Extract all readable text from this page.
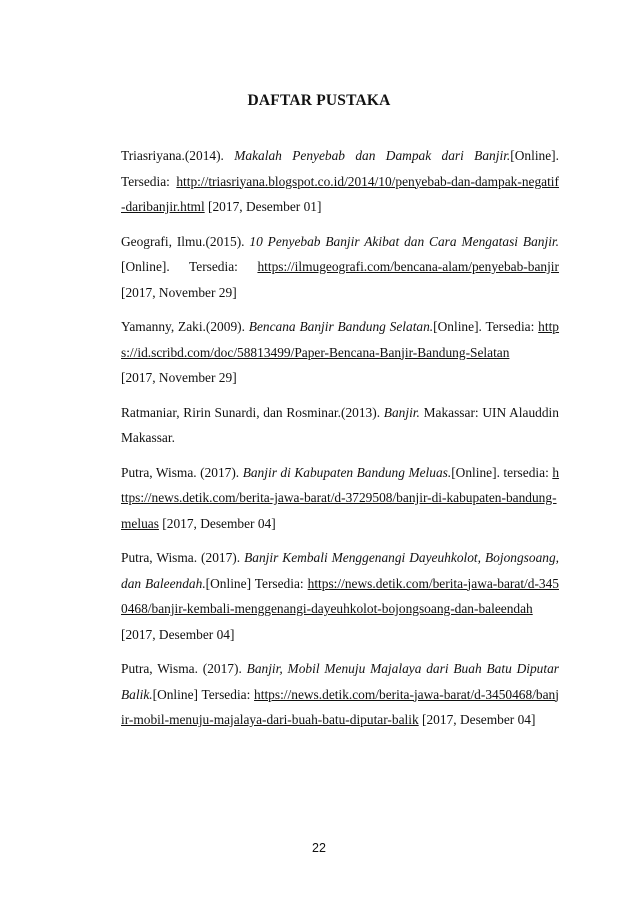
DAFTAR PUSTAKA
Triasriyana.(2014). Makalah Penyebab dan Dampak dari Banjir.[Online]. Tersedia: http://triasriyana.blogspot.co.id/2014/10/penyebab-dan-dampak-negatif-daribanjir.html [2017, Desember 01]
Geografi, Ilmu.(2015). 10 Penyebab Banjir Akibat dan Cara Mengatasi Banjir.[Online]. Tersedia: https://ilmugeografi.com/bencana-alam/penyebab-banjir [2017, November 29]
Yamanny, Zaki.(2009). Bencana Banjir Bandung Selatan.[Online]. Tersedia: https://id.scribd.com/doc/58813499/Paper-Bencana-Banjir-Bandung-Selatan
[2017, November 29]
Ratmaniar, Ririn Sunardi, dan Rosminar.(2013). Banjir. Makassar: UIN Alauddin Makassar.
Putra, Wisma. (2017). Banjir di Kabupaten Bandung Meluas.[Online]. tersedia: https://news.detik.com/berita-jawa-barat/d-3729508/banjir-di-kabupaten-bandung-meluas [2017, Desember 04]
Putra, Wisma. (2017). Banjir Kembali Menggenangi Dayeuhkolot, Bojongsoang, dan Baleendah.[Online] Tersedia: https://news.detik.com/berita-jawa-barat/d-3450468/banjir-kembali-menggenangi-dayeuhkolot-bojongsoang-dan-baleendah
[2017, Desember 04]
Putra, Wisma. (2017). Banjir, Mobil Menuju Majalaya dari Buah Batu Diputar Balik.[Online] Tersedia: https://news.detik.com/berita-jawa-barat/d-3450468/banjir-mobil-menuju-majalaya-dari-buah-batu-diputar-balik [2017, Desember 04]
22
